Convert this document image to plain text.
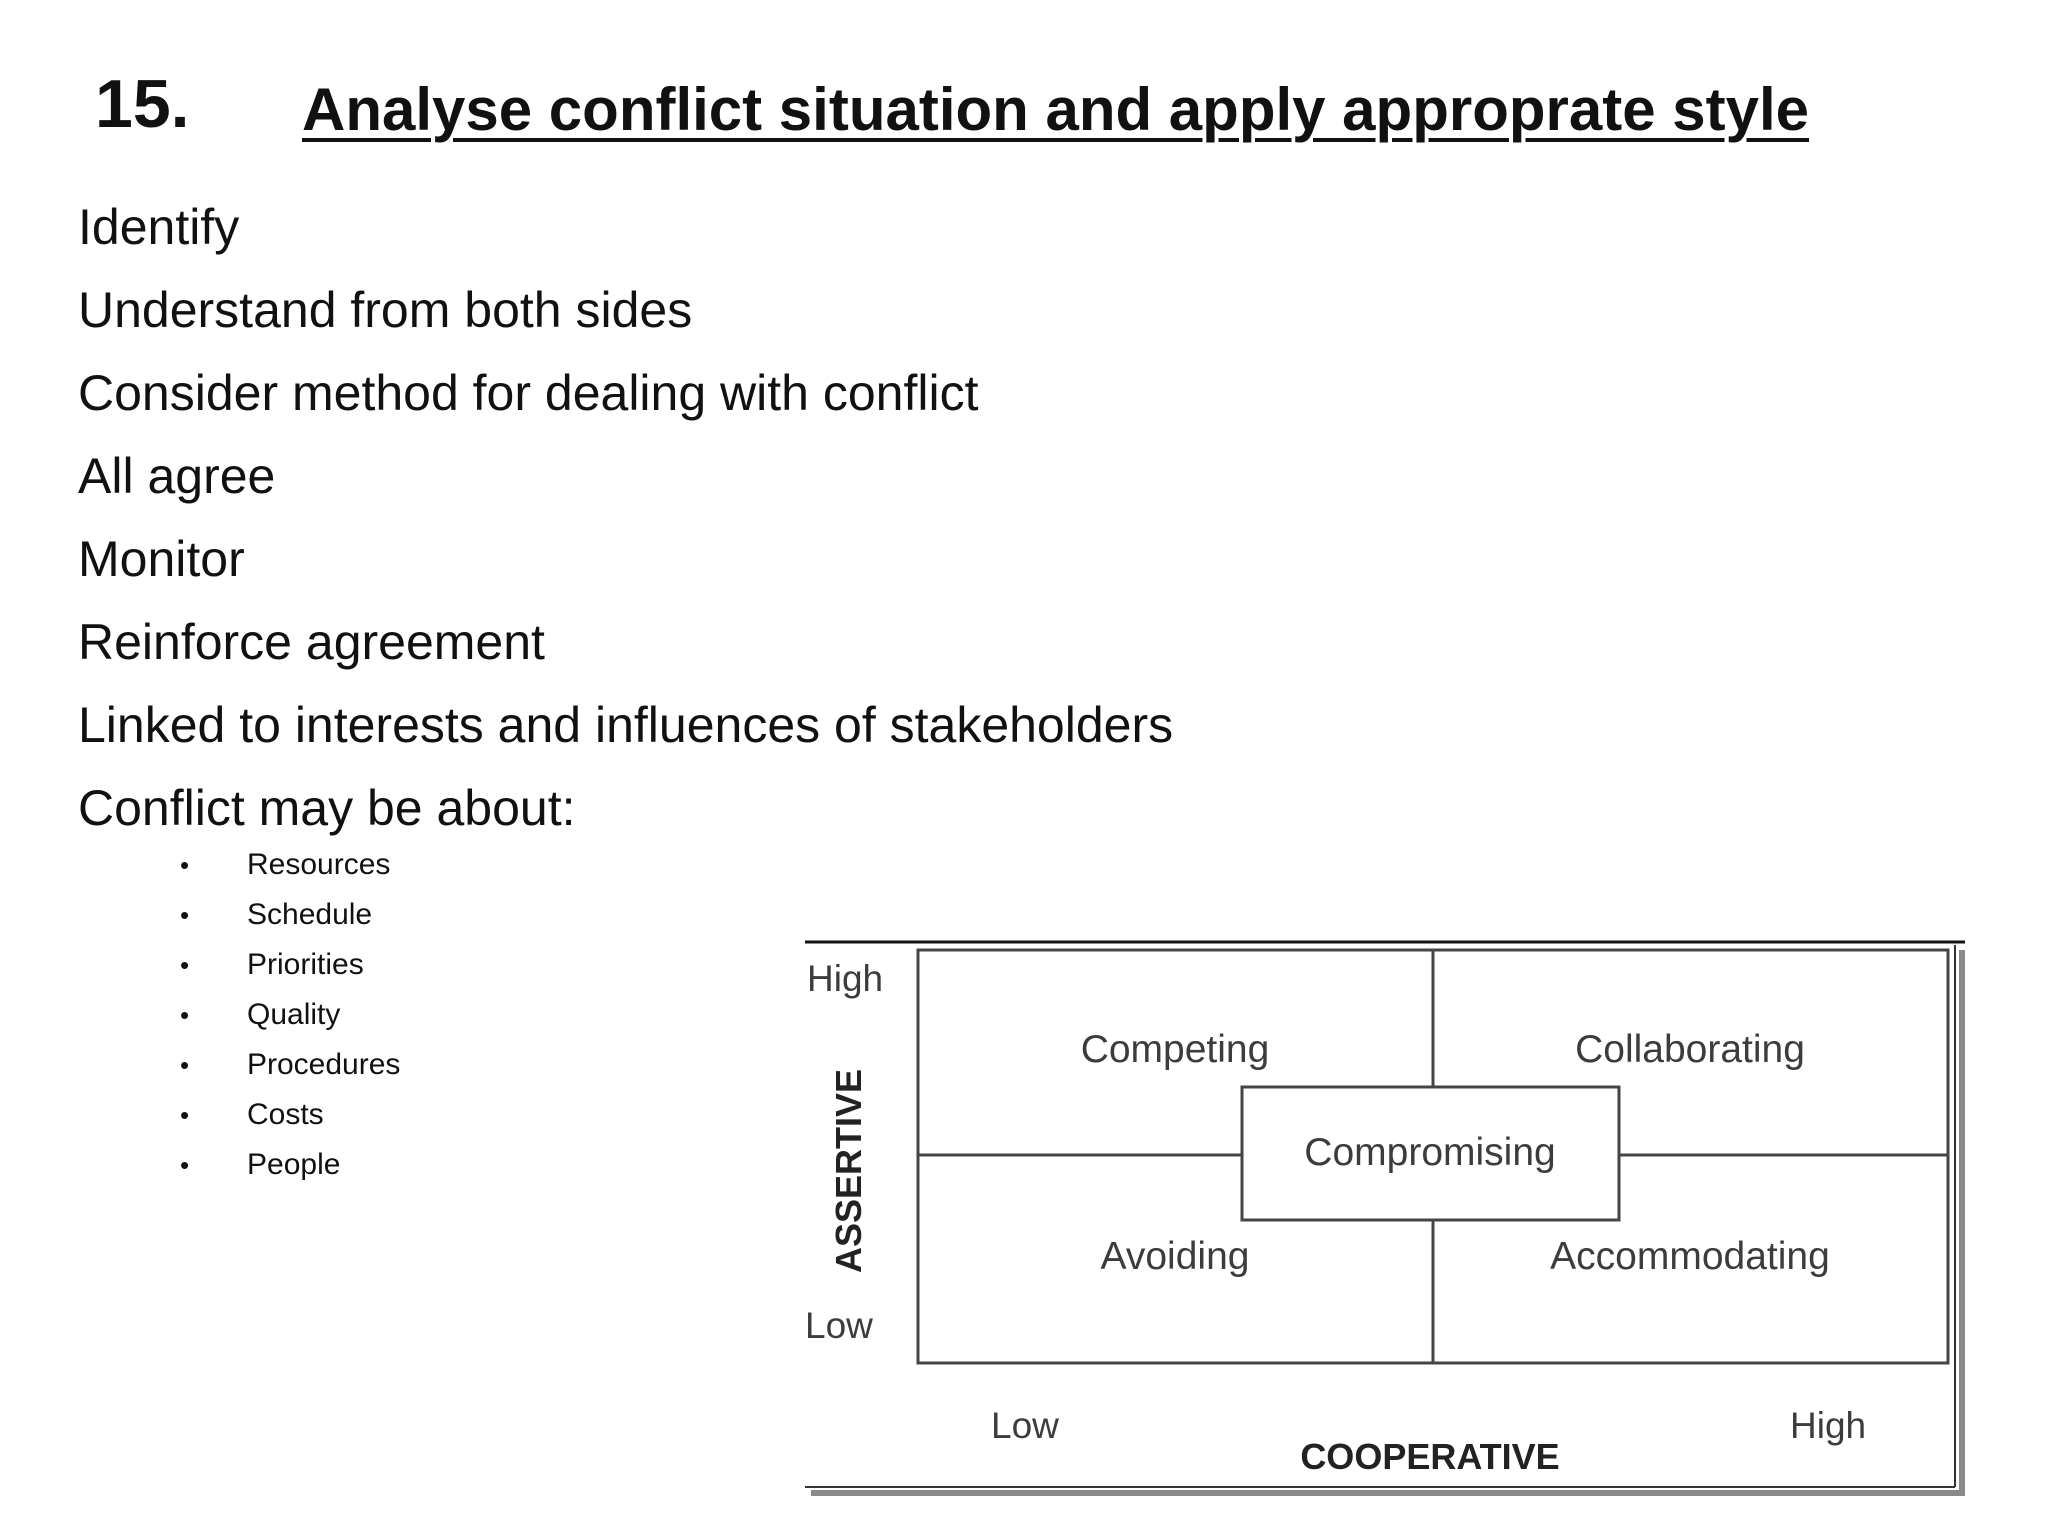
15. Analyse conflict situation and apply approprate style
Identify
Understand from both sides
Consider method for dealing with conflict
All agree
Monitor
Reinforce agreement
Linked to interests and influences of stakeholders
Conflict may be about:
• Resources
• Schedule
• Priorities
• Quality
• Procedures
• Costs
• People
Competing	Collaborating
Compromising
Avoiding	Accommodating
High
Low
ASSERTIVE
Low	High
COOPERATIVE
